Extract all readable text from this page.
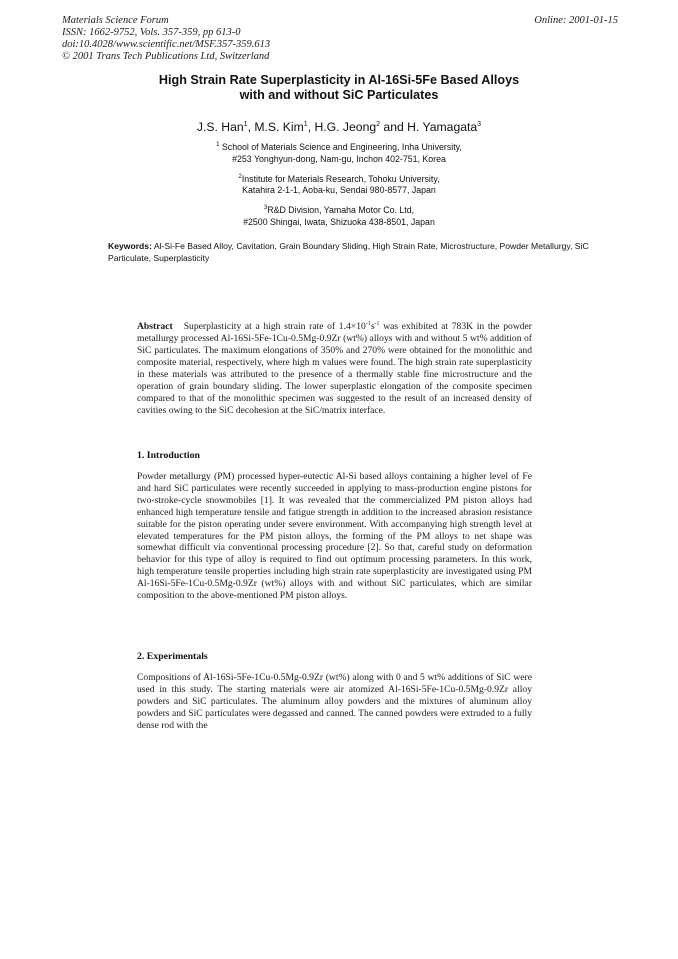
Materials Science Forum
ISSN: 1662-9752, Vols. 357-359, pp 613-0
doi:10.4028/www.scientific.net/MSF.357-359.613
© 2001 Trans Tech Publications Ltd, Switzerland
Online: 2001-01-15
High Strain Rate Superplasticity in Al-16Si-5Fe Based Alloys
with and without SiC Particulates
J.S. Han$^1$, M.S. Kim$^1$, H.G. Jeong$^2$ and H. Yamagata$^3$
$^1$ School of Materials Science and Engineering, Inha University,
#253 Yonghyun-dong, Nam-gu, Inchon 402-751, Korea
$^2$Institute for Materials Research, Tohoku University,
Katahira 2-1-1, Aoba-ku, Sendai 980-8577, Japan
$^3$R&D Division, Yamaha Motor Co. Ltd,
#2500 Shingai, Iwata, Shizuoka 438-8501, Japan
Keywords: Al-Si-Fe Based Alloy, Cavitation, Grain Boundary Sliding, High Strain Rate, Microstructure, Powder Metallurgy, SiC Particulate, Superplasticity
Abstract Superplasticity at a high strain rate of $1.4\times 10^{-1}s^{-1}$ was exhibited at 783K in the powder metallurgy processed Al-16Si-5Fe-1Cu-0.5Mg-0.9Zr (wt%) alloys with and without 5 wt% addition of SiC particulates. The maximum elongations of 350% and 270% were obtained for the monolithic and composite material, respectively, where high m values were found. The high strain rate superplasticity in these materials was attributed to the presence of a thermally stable fine microstructure and the operation of grain boundary sliding. The lower superplastic elongation of the composite specimen compared to that of the monolithic specimen was suggested to the result of an increased density of cavities owing to the SiC decohesion at the SiC/matrix interface.
1. Introduction
Powder metallurgy (PM) processed hyper-eutectic Al-Si based alloys containing a higher level of Fe and hard SiC particulates were recently succeeded in applying to mass-production engine pistons for two-stroke-cycle snowmobiles [1]. It was revealed that the commercialized PM piston alloys had enhanced high temperature tensile and fatigue strength in addition to the increased abrasion resistance suitable for the piston operating under severe environment. With accompanying high strength level at elevated temperatures for the PM piston alloys, the forming of the PM alloys to net shape was somewhat difficult via conventional processing procedure [2]. So that, careful study on deformation behavior for this type of alloy is required to find out optimum processing parameters. In this work, high temperature tensile properties including high strain rate superplasticity are investigated using PM Al-16Si-5Fe-1Cu-0.5Mg-0.9Zr (wt%) alloys with and without SiC particulates, which are similar composition to the above-mentioned PM piston alloys.
2. Experimentals
Compositions of Al-16Si-5Fe-1Cu-0.5Mg-0.9Zr (wt%) along with 0 and 5 wt% additions of SiC were used in this study. The starting materials were air atomized Al-16Si-5Fe-1Cu-0.5Mg-0.9Zr alloy powders and SiC particulates. The aluminum alloy powders and the mixtures of aluminum alloy powders and SiC particulates were degassed and canned. The canned powders were extruded to a fully dense rod with the
